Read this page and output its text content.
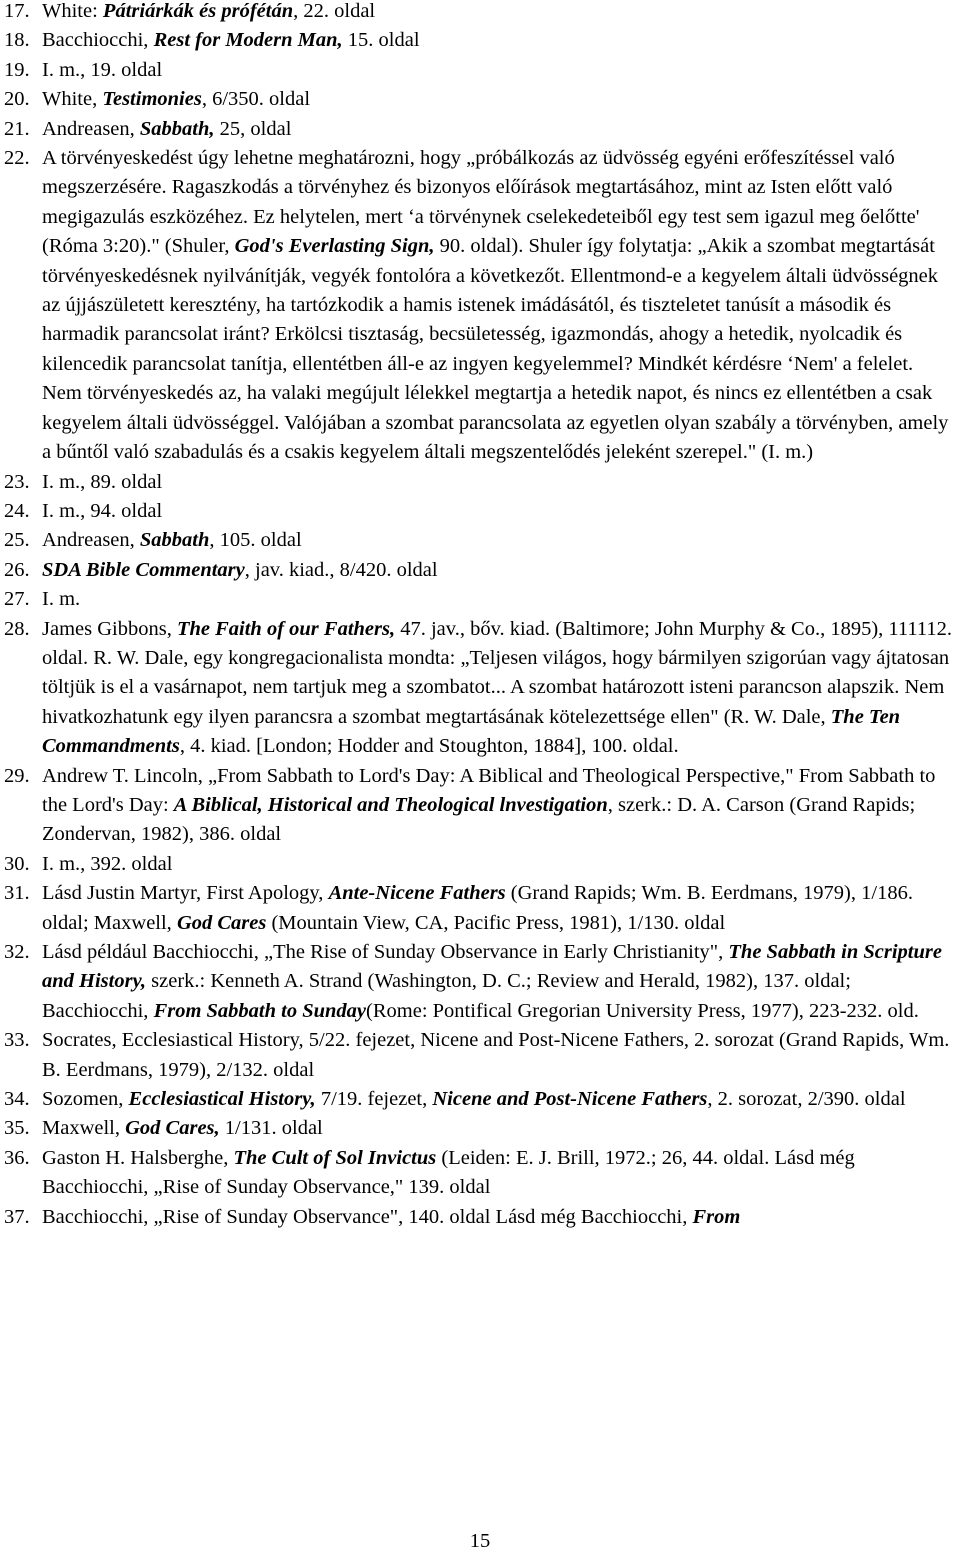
17. White: Pátriárkák és prófétán, 22. oldal
18. Bacchiocchi, Rest for Modern Man, 15. oldal
19. I. m., 19. oldal
20. White, Testimonies, 6/350. oldal
21. Andreasen, Sabbath, 25, oldal
22. A törvényeskedést úgy lehetne meghatározni, hogy „próbálkozás az üdvösség egyéni erőfeszítéssel való megszerzésére. Ragaszkodás a törvényhez és bizonyos előírások megtartásához, mint az Isten előtt való megigazulás eszközéhez. Ez helytelen, mert ‘a törvénynek cselekedeteiből egy test sem igazul meg őelőtte' (Róma 3:20)." (Shuler, God's Everlasting Sign, 90. oldal). Shuler így folytatja: „Akik a szombat megtartását törvényeskedésnek nyilvánítják, vegyék fontolóra a következőt. Ellentmond-e a kegyelem általi üdvösségnek az újjászületett keresztény, ha tartózkodik a hamis istenek imádásától, és tiszteletet tanúsít a második és harmadik parancsolat iránt? Erkölcsi tisztaság, becsületesség, igazmondás, ahogy a hetedik, nyolcadik és kilencedik parancsolat tanítja, ellentétben áll-e az ingyen kegyelemmel? Mindkét kérdésre ‘Nem' a felelet. Nem törvényeskedés az, ha valaki megújult lélekkel megtartja a hetedik napot, és nincs ez ellentétben a csak kegyelem általi üdvösséggel. Valójában a szombat parancsolata az egyetlen olyan szabály a törvényben, amely a bűntől való szabadulás és a csakis kegyelem általi megszentelődés jeleként szerepel." (I. m.)
23. I. m., 89. oldal
24. I. m., 94. oldal
25. Andreasen, Sabbath, 105. oldal
26. SDA Bible Commentary, jav. kiad., 8/420. oldal
27. I. m.
28. James Gibbons, The Faith of our Fathers, 47. jav., bőv. kiad. (Baltimore; John Murphy & Co., 1895), 111112. oldal. R. W. Dale, egy kongregacionalista mondta: „Teljesen világos, hogy bármilyen szigorúan vagy ájtatosan töltjük is el a vasárnapot, nem tartjuk meg a szombatot... A szombat határozott isteni parancson alapszik. Nem hivatkozhatunk egy ilyen parancsra a szombat megtartásának kötelezettsége ellen" (R. W. Dale, The Ten Commandments, 4. kiad. [London; Hodder and Stoughton, 1884], 100. oldal.
29. Andrew T. Lincoln, „From Sabbath to Lord's Day: A Biblical and Theological Perspective," From Sabbath to the Lord's Day: A Biblical, Historical and Theological lnvestigation, szerk.: D. A. Carson (Grand Rapids; Zondervan, 1982), 386. oldal
30. I. m., 392. oldal
31. Lásd Justin Martyr, First Apology, Ante-Nicene Fathers (Grand Rapids; Wm. B. Eerdmans, 1979), 1/186. oldal; Maxwell, God Cares (Mountain View, CA, Pacific Press, 1981), 1/130. oldal
32. Lásd például Bacchiocchi, „The Rise of Sunday Observance in Early Christianity", The Sabbath in Scripture and History, szerk.: Kenneth A. Strand (Washington, D. C.; Review and Herald, 1982), 137. oldal; Bacchiocchi, From Sabbath to Sunday(Rome: Pontifical Gregorian University Press, 1977), 223-232. old.
33. Socrates, Ecclesiastical History, 5/22. fejezet, Nicene and Post-Nicene Fathers, 2. sorozat (Grand Rapids, Wm. B. Eerdmans, 1979), 2/132. oldal
34. Sozomen, Ecclesiastical History, 7/19. fejezet, Nicene and Post-Nicene Fathers, 2. sorozat, 2/390. oldal
35. Maxwell, God Cares, 1/131. oldal
36. Gaston H. Halsberghe, The Cult of Sol Invictus (Leiden: E. J. Brill, 1972.; 26, 44. oldal. Lásd még Bacchiocchi, „Rise of Sunday Observance," 139. oldal
37. Bacchiocchi, „Rise of Sunday Observance", 140. oldal Lásd még Bacchiocchi, From
15
